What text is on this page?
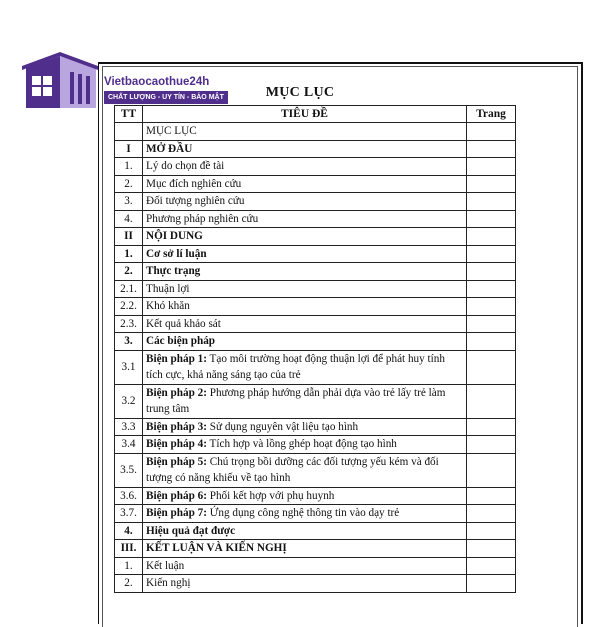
Vietbaocaothue24h
CHẤT LƯỢNG - UY TÍN - BẢO MẬT	MỤC LỤC
TT	TIÊU ĐỀ	Trang
	MỤC LỤC	
I	MỞ ĐẦU	
1.	Lý do chọn đề tài	
2.	Mục đích nghiên cứu	
3.	Đối tượng nghiên cứu	
4.	Phương pháp nghiên cứu	
II	NỘI DUNG	
1.	Cơ sở lí luận	
2.	Thực trạng	
2.1.	Thuận lợi	
2.2.	Khó khăn	
2.3.	Kết quả khảo sát	
3.	Các biện pháp	
3.1	Biện pháp 1: Tạo môi trường hoạt động thuận lợi để phát huy tính tích cực, khả năng sáng tạo của trẻ	
3.2	Biện pháp 2: Phương pháp hướng dẫn phải dựa vào trẻ lấy trẻ làm trung tâm	
3.3	Biện pháp 3: Sử dụng nguyên vật liệu tạo hình	
3.4	Biện pháp 4: Tích hợp và lồng ghép hoạt động tạo hình	
3.5.	Biện pháp 5: Chú trọng bồi dưỡng các đối tượng yếu kém và đối tượng có năng khiếu về tạo hình	
3.6.	Biện pháp 6: Phối kết hợp với phụ huynh	
3.7.	Biện pháp 7: Ứng dụng công nghệ thông tin vào dạy trẻ	
4.	Hiệu quả đạt được	
III.	KẾT LUẬN VÀ KIẾN NGHỊ	
1.	Kết luận	
2.	Kiến nghị	
